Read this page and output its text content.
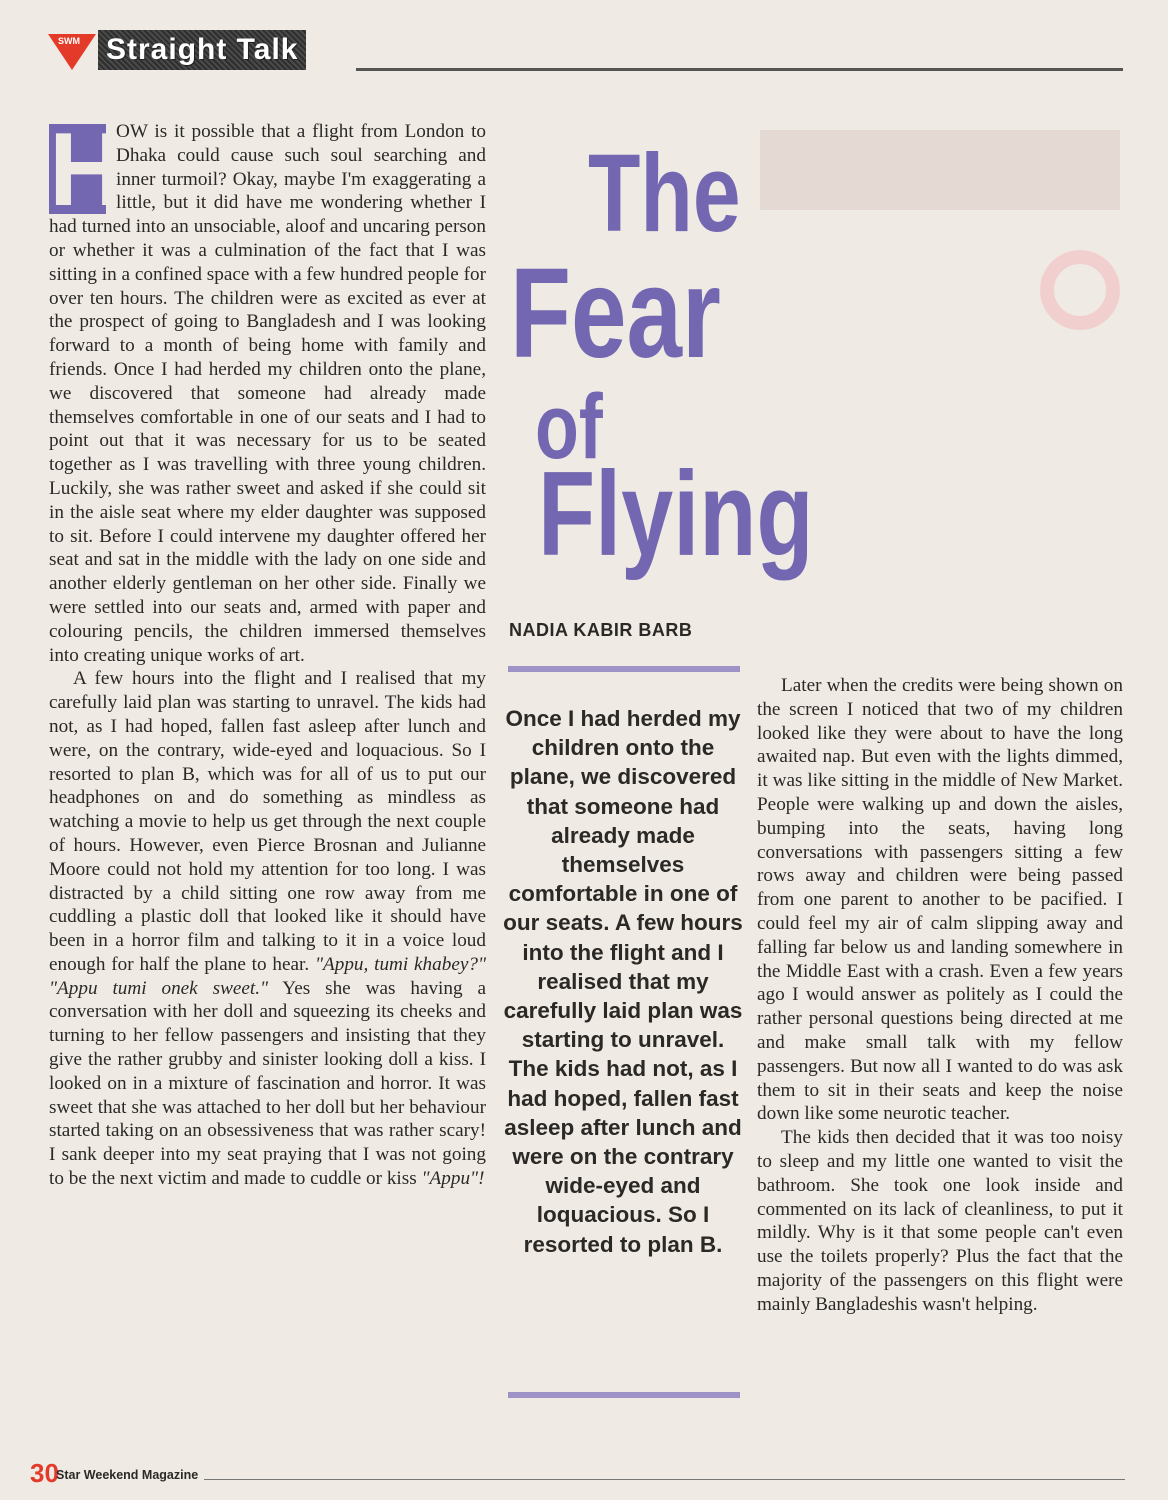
SWM Straight Talk

H
OW is it possible that a flight from London to Dhaka could cause such soul searching and inner turmoil? Okay, maybe I'm exaggerating a little, but it did have me wondering whether I had turned into an unsociable, aloof and uncaring person or whether it was a culmination of the fact that I was sitting in a confined space with a few hundred people for over ten hours. The children were as excited as ever at the prospect of going to Bangladesh and I was looking forward to a month of being home with family and friends. Once I had herded my children onto the plane, we discovered that someone had already made themselves comfortable in one of our seats and I had to point out that it was necessary for us to be seated together as I was travelling with three young children. Luckily, she was rather sweet and asked if she could sit in the aisle seat where my elder daughter was supposed to sit. Before I could intervene my daughter offered her seat and sat in the middle with the lady on one side and another elderly gentleman on her other side. Finally we were settled into our seats and, armed with paper and colouring pencils, the children immersed themselves into creating unique works of art.

A few hours into the flight and I realised that my carefully laid plan was starting to unravel. The kids had not, as I had hoped, fallen fast asleep after lunch and were, on the contrary, wide-eyed and loquacious. So I resorted to plan B, which was for all of us to put our headphones on and do something as mindless as watching a movie to help us get through the next couple of hours. However, even Pierce Brosnan and Julianne Moore could not hold my attention for too long. I was distracted by a child sitting one row away from me cuddling a plastic doll that looked like it should have been in a horror film and talking to it in a voice loud enough for half the plane to hear. "Appu, tumi khabey?" "Appu tumi onek sweet." Yes she was having a conversation with her doll and squeezing its cheeks and turning to her fellow passengers and insisting that they give the rather grubby and sinister looking doll a kiss. I looked on in a mixture of fascination and horror. It was sweet that she was attached to her doll but her behaviour started taking on an obsessiveness that was rather scary! I sank deeper into my seat praying that I was not going to be the next victim and made to cuddle or kiss "Appu"!

The
Fear
of
Flying
NADIA KABIR BARB
Once I had herded my children onto the plane, we discovered that someone had already made themselves comfortable in one of our seats. A few hours into the flight and I realised that my carefully laid plan was starting to unravel. The kids had not, as I had hoped, fallen fast asleep after lunch and were on the contrary wide-eyed and loquacious. So I resorted to plan B.

Later when the credits were being shown on the screen I noticed that two of my children looked like they were about to have the long awaited nap. But even with the lights dimmed, it was like sitting in the middle of New Market. People were walking up and down the aisles, bumping into the seats, having long conversations with passengers sitting a few rows away and children were being passed from one parent to another to be pacified. I could feel my air of calm slipping away and falling far below us and landing somewhere in the Middle East with a crash. Even a few years ago I would answer as politely as I could the rather personal questions being directed at me and make small talk with my fellow passengers. But now all I wanted to do was ask them to sit in their seats and keep the noise down like some neurotic teacher.

The kids then decided that it was too noisy to sleep and my little one wanted to visit the bathroom. She took one look inside and commented on its lack of cleanliness, to put it mildly. Why is it that some people can't even use the toilets properly? Plus the fact that the majority of the passengers on this flight were mainly Bangladeshis wasn't helping.

30
Star Weekend Magazine
